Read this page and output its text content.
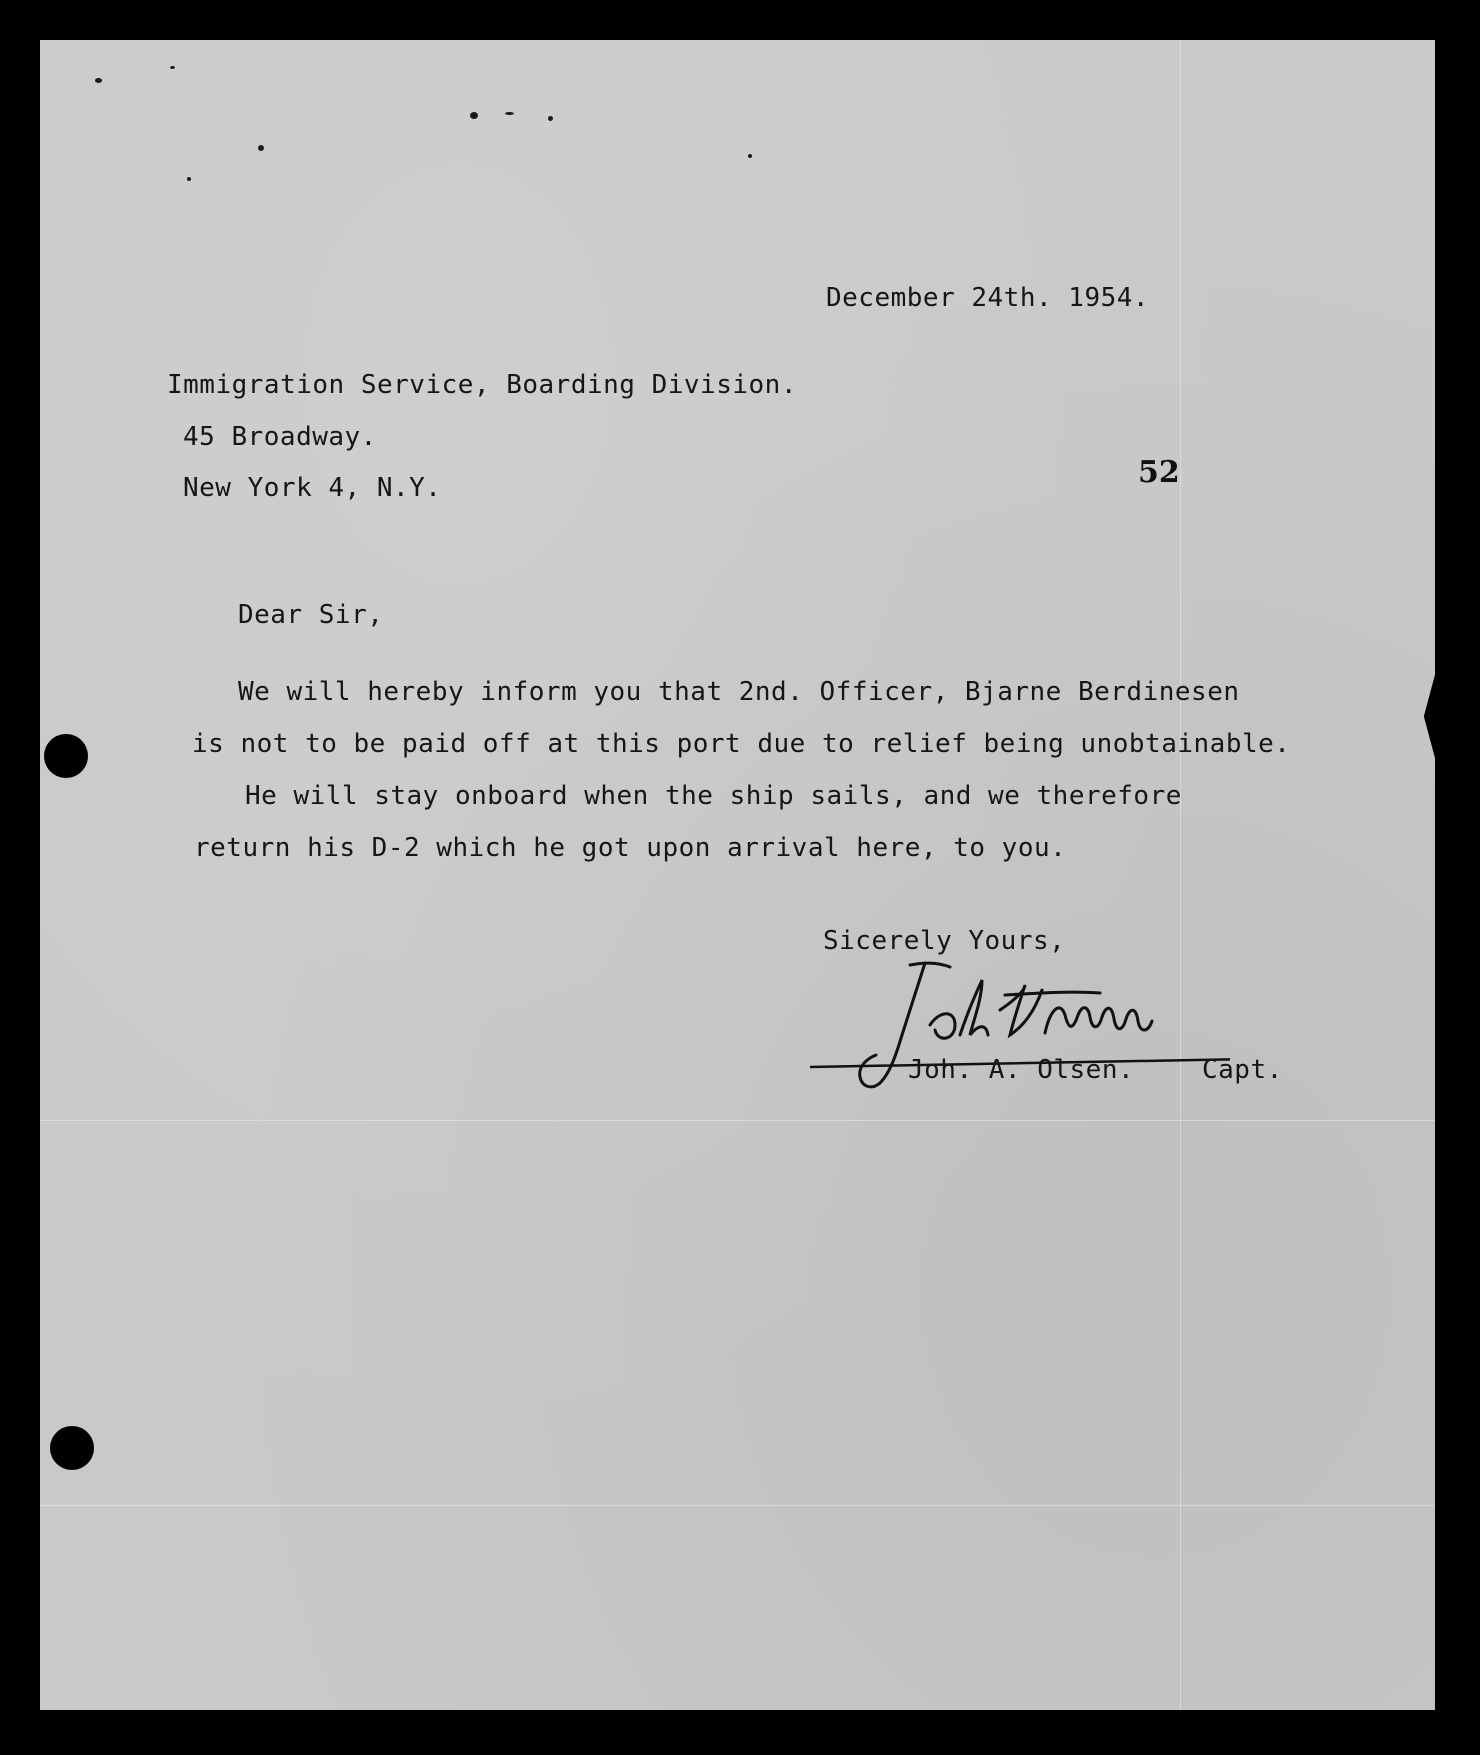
December 24th. 1954.
Immigration Service, Boarding Division.
45 Broadway.
New York 4, N.Y.	52
Dear Sir,
We will hereby inform you that 2nd. Officer, Bjarne Berdinesen
is not to be paid off at this port due to relief being unobtainable.
He will stay onboard when the ship sails, and we therefore
return his D-2 which he got upon arrival here, to you.
Sicerely Yours,
Joh. A. Olsen.	Capt.
